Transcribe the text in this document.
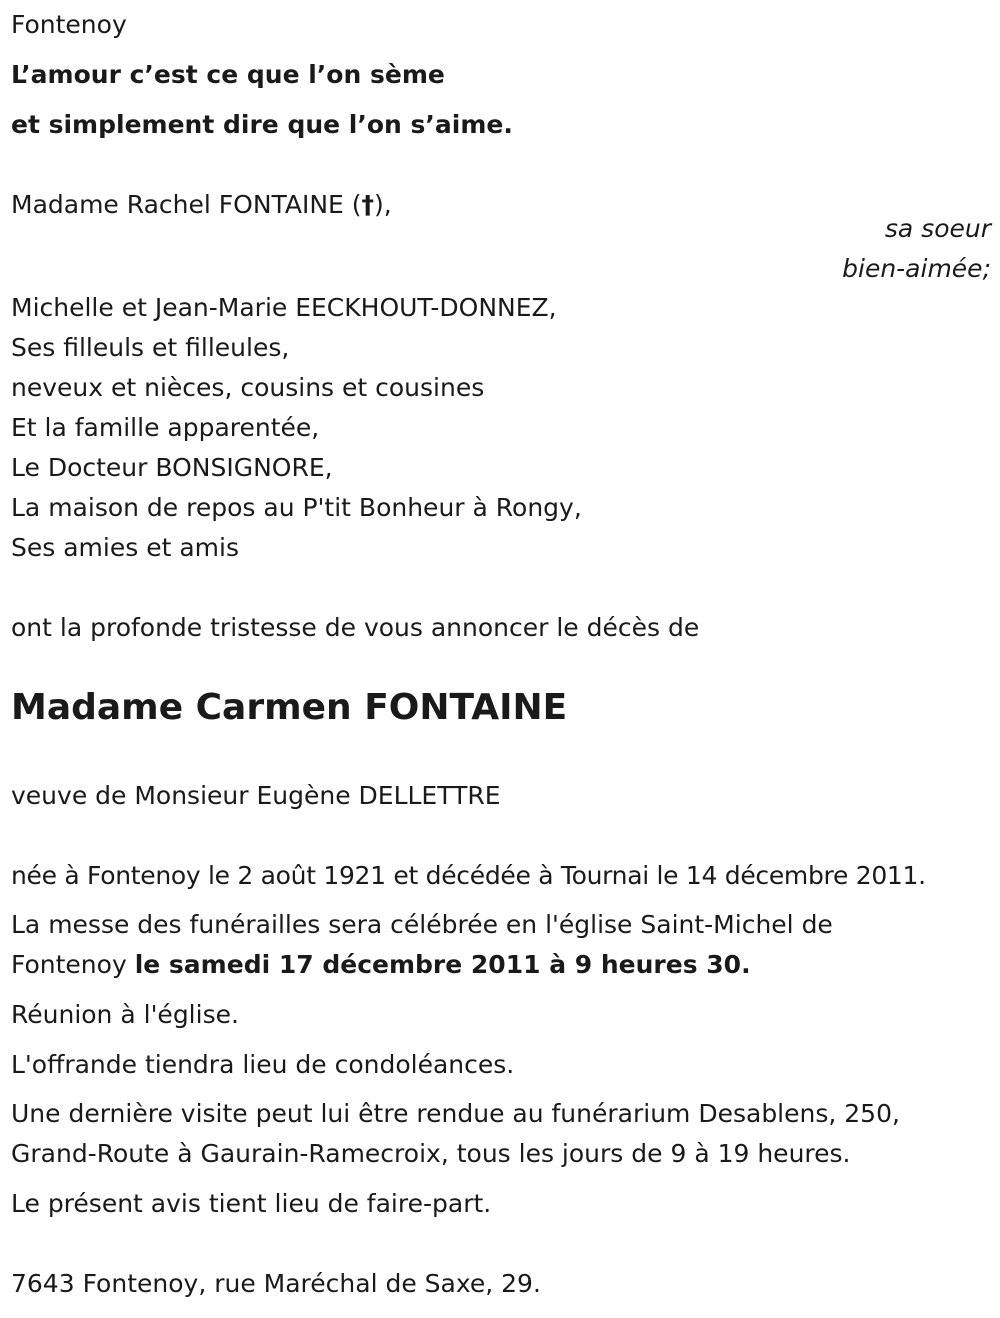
Fontenoy
L’amour c’est ce que l’on sème
et simplement dire que l’on s’aime.
Madame Rachel FONTAINE (†),
sa soeur
bien-aimée;
Michelle et Jean-Marie EECKHOUT-DONNEZ,
Ses filleuls et filleules,
neveux et nièces, cousins et cousines
Et la famille apparentée,
Le Docteur BONSIGNORE,
La maison de repos au P'tit Bonheur à Rongy,
Ses amies et amis
ont la profonde tristesse de vous annoncer le décès de
Madame Carmen FONTAINE
veuve de Monsieur Eugène DELLETTRE
née à Fontenoy le 2 août 1921 et décédée à Tournai le 14 décembre 2011.
La messe des funérailles sera célébrée en l'église Saint-Michel de
Fontenoy le samedi 17 décembre 2011 à 9 heures 30.
Réunion à l'église.
L'offrande tiendra lieu de condoléances.
Une dernière visite peut lui être rendue au funérarium Desablens, 250,
Grand-Route à Gaurain-Ramecroix, tous les jours de 9 à 19 heures.
Le présent avis tient lieu de faire-part.
7643 Fontenoy, rue Maréchal de Saxe, 29.
